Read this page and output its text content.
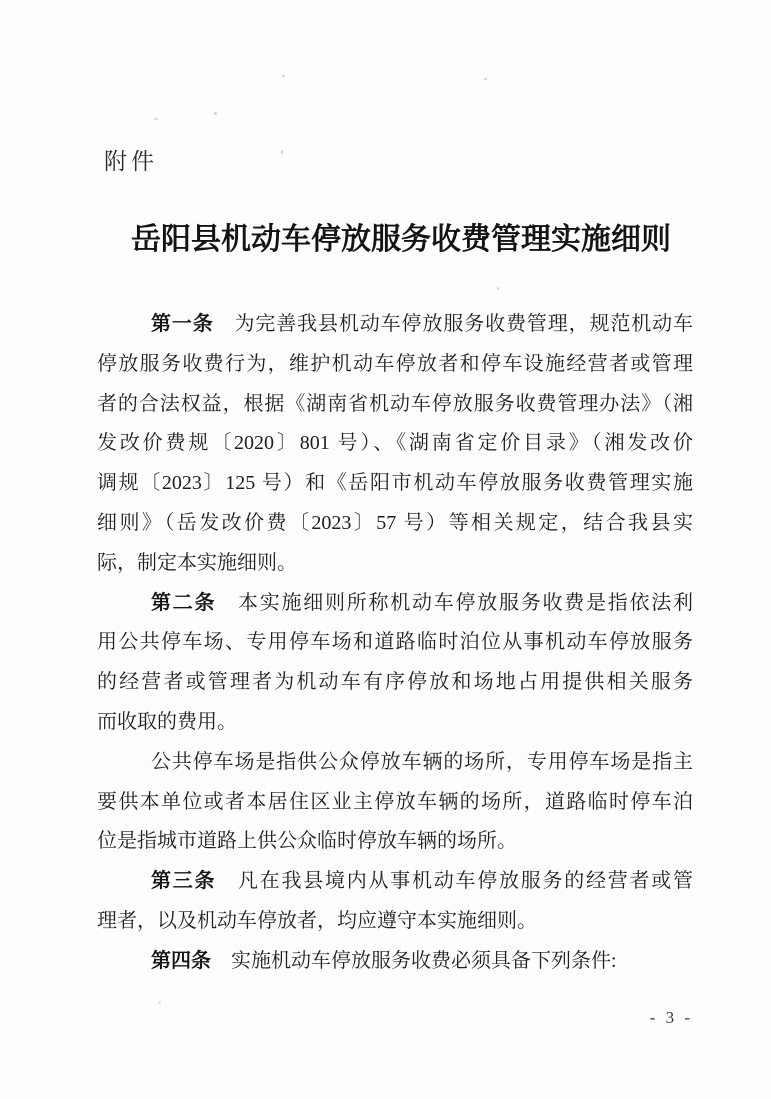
附件
岳阳县机动车停放服务收费管理实施细则
第一条　为完善我县机动车停放服务收费管理，规范机动车
停放服务收费行为，维护机动车停放者和停车设施经营者或管理
者的合法权益，根据《湖南省机动车停放服务收费管理办法》（湘
发改价费规〔2020〕801 号）、《湖南省定价目录》（湘发改价
调规〔2023〕125 号）和《岳阳市机动车停放服务收费管理实施
细则》（岳发改价费〔2023〕57 号）等相关规定，结合我县实
际，制定本实施细则。
第二条　本实施细则所称机动车停放服务收费是指依法利
用公共停车场、专用停车场和道路临时泊位从事机动车停放服务
的经营者或管理者为机动车有序停放和场地占用提供相关服务
而收取的费用。
公共停车场是指供公众停放车辆的场所，专用停车场是指主
要供本单位或者本居住区业主停放车辆的场所，道路临时停车泊
位是指城市道路上供公众临时停放车辆的场所。
第三条　凡在我县境内从事机动车停放服务的经营者或管
理者，以及机动车停放者，均应遵守本实施细则。
第四条　实施机动车停放服务收费必须具备下列条件:
- 3 -
